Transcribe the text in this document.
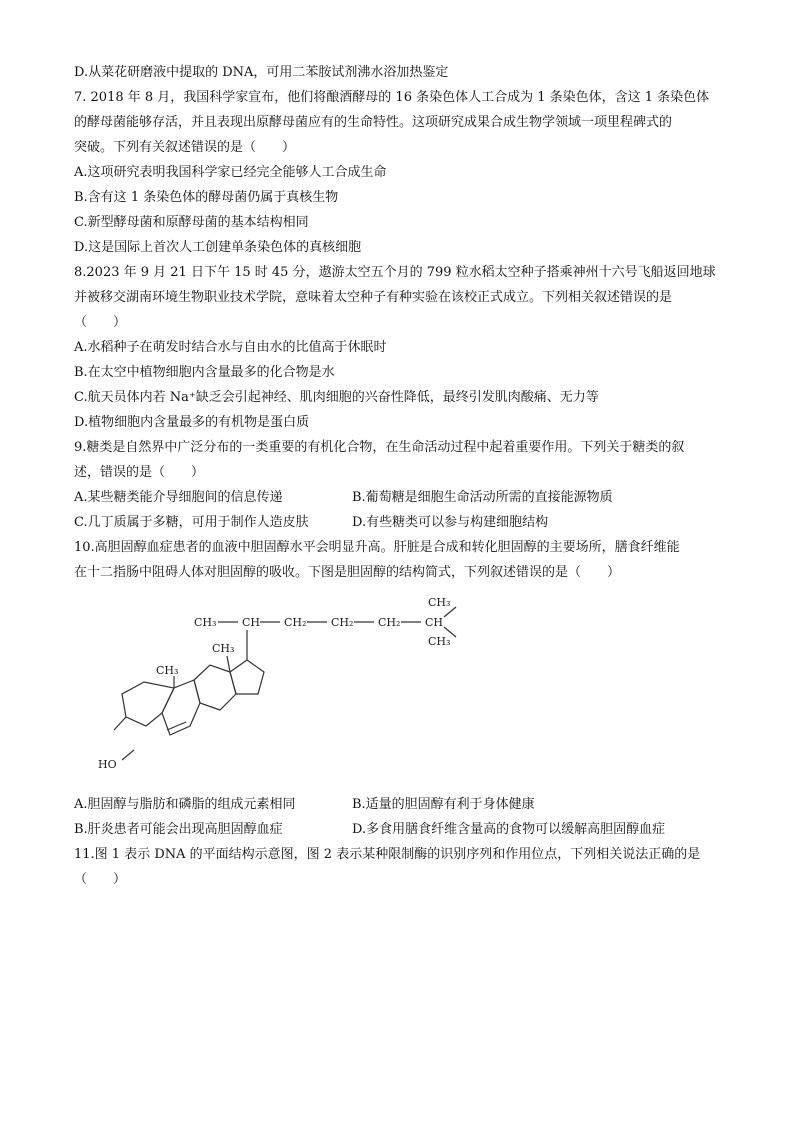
D.从菜花研磨液中提取的 DNA，可用二苯胺试剂沸水浴加热鉴定
7. 2018 年 8 月，我国科学家宣布，他们将酿酒酵母的 16 条染色体人工合成为 1 条染色体，含这 1 条染色体
的酵母菌能够存活，并且表现出原酵母菌应有的生命特性。这项研究成果合成生物学领域一项里程碑式的
突破。下列有关叙述错误的是（　　）
A.这项研究表明我国科学家已经完全能够人工合成生命
B.含有这 1 条染色体的酵母菌仍属于真核生物
C.新型酵母菌和原酵母菌的基本结构相同
D.这是国际上首次人工创建单条染色体的真核细胞
8.2023 年 9 月 21 日下午 15 时 45 分，遨游太空五个月的 799 粒水稻太空种子搭乘神州十六号飞船返回地球
并被移交湖南环境生物职业技术学院，意味着太空种子有种实验在该校正式成立。下列相关叙述错误的是
（　　）
A.水稻种子在萌发时结合水与自由水的比值高于休眠时
B.在太空中植物细胞内含量最多的化合物是水
C.航天员体内若 Na⁺缺乏会引起神经、肌肉细胞的兴奋性降低，最终引发肌肉酸痛、无力等
D.植物细胞内含量最多的有机物是蛋白质
9.糖类是自然界中广泛分布的一类重要的有机化合物，在生命活动过程中起着重要作用。下列关于糖类的叙
述，错误的是（　　）
A.某些糖类能介导细胞间的信息传递	B.葡萄糖是细胞生命活动所需的直接能源物质
C.几丁质属于多糖，可用于制作人造皮肤	D.有些糖类可以参与构建细胞结构
10.高胆固醇血症患者的血液中胆固醇水平会明显升高。肝脏是合成和转化胆固醇的主要场所，膳食纤维能
在十二指肠中阻碍人体对胆固醇的吸收。下图是胆固醇的结构简式，下列叙述错误的是（　　）
CH₃ CH CH₂ CH₂ CH₂ CH
CH₃
CH₃
CH₃
CH₃
HO
A.胆固醇与脂肪和磷脂的组成元素相同	B.适量的胆固醇有利于身体健康
B.肝炎患者可能会出现高胆固醇血症	D.多食用膳食纤维含量高的食物可以缓解高胆固醇血症
11.图 1 表示 DNA 的平面结构示意图，图 2 表示某种限制酶的识别序列和作用位点，下列相关说法正确的是
（　　）
